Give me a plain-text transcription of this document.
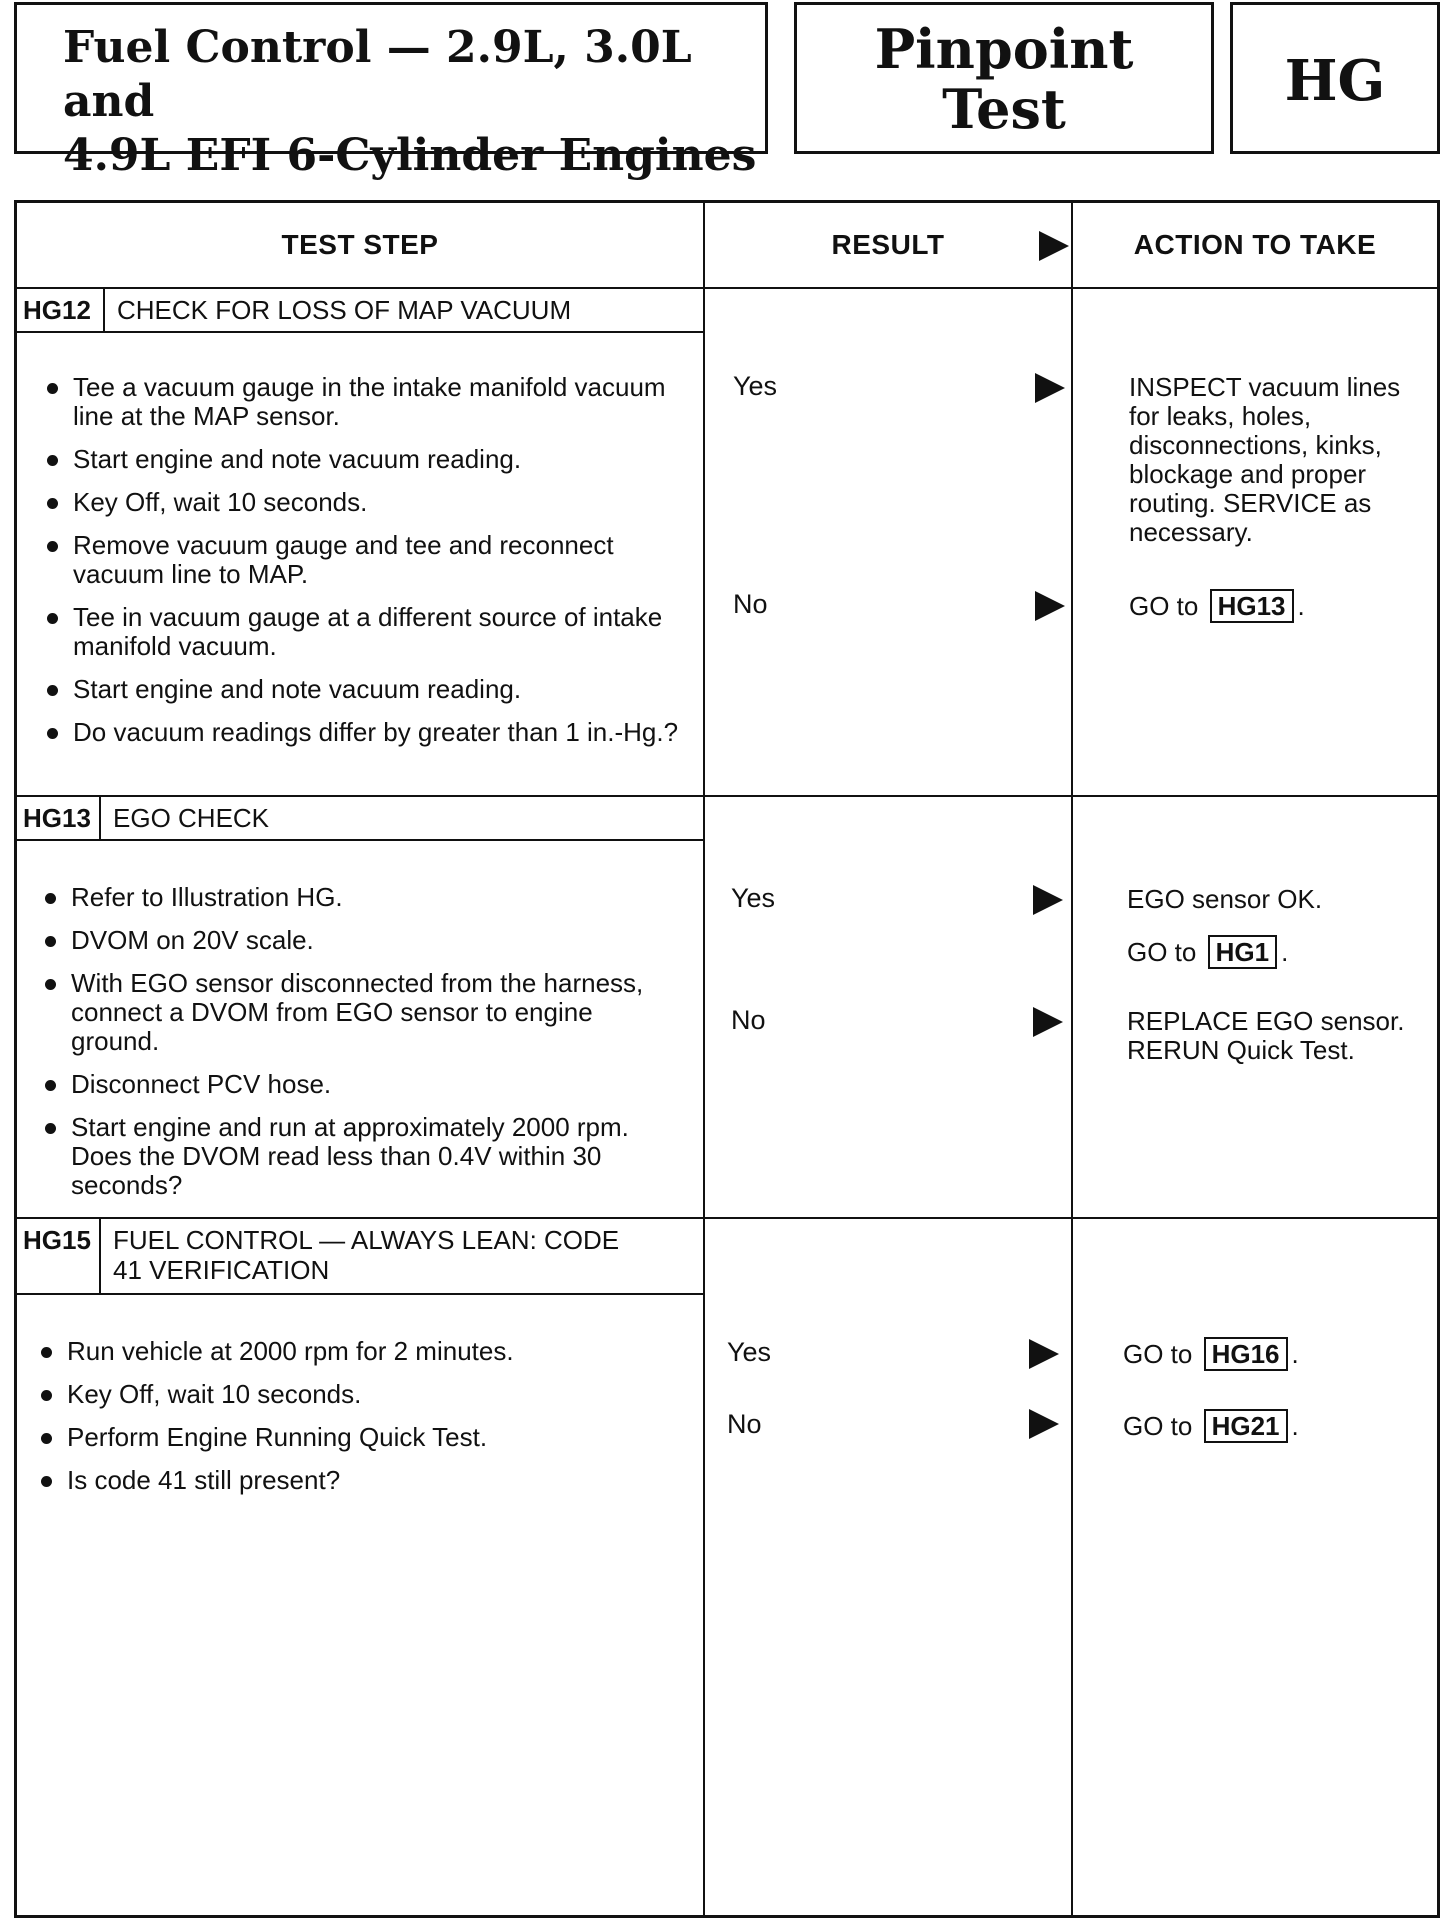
Fuel Control — 2.9L, 3.0L and
4.9L EFI 6-Cylinder Engines
Pinpoint
Test	HG
TEST STEP	RESULT	ACTION TO TAKE
HG12	CHECK FOR LOSS OF MAP VACUUM
Tee a vacuum gauge in the intake manifold vacuum line at the MAP sensor.
Start engine and note vacuum reading.
Key Off, wait 10 seconds.
Remove vacuum gauge and tee and reconnect vacuum line to MAP.
Tee in vacuum gauge at a different source of intake manifold vacuum.
Start engine and note vacuum reading.
Do vacuum readings differ by greater than 1 in.-Hg.?
Yes	INSPECT vacuum lines for leaks, holes, disconnections, kinks, blockage and proper routing. SERVICE as necessary.
No	GO to HG13 .
HG13 EGO CHECK
Refer to Illustration HG.
DVOM on 20V scale.
With EGO sensor disconnected from the harness, connect a DVOM from EGO sensor to engine ground.
Disconnect PCV hose.
Start engine and run at approximately 2000 rpm. Does the DVOM read less than 0.4V within 30 seconds?
Yes	EGO sensor OK.
GO to HG1 .
No	REPLACE EGO sensor. RERUN Quick Test.
HG15 FUEL CONTROL — ALWAYS LEAN: CODE
41 VERIFICATION
Run vehicle at 2000 rpm for 2 minutes.
Key Off, wait 10 seconds.
Perform Engine Running Quick Test.
Is code 41 still present?
Yes	GO to HG16 .
No	GO to HG21 .
